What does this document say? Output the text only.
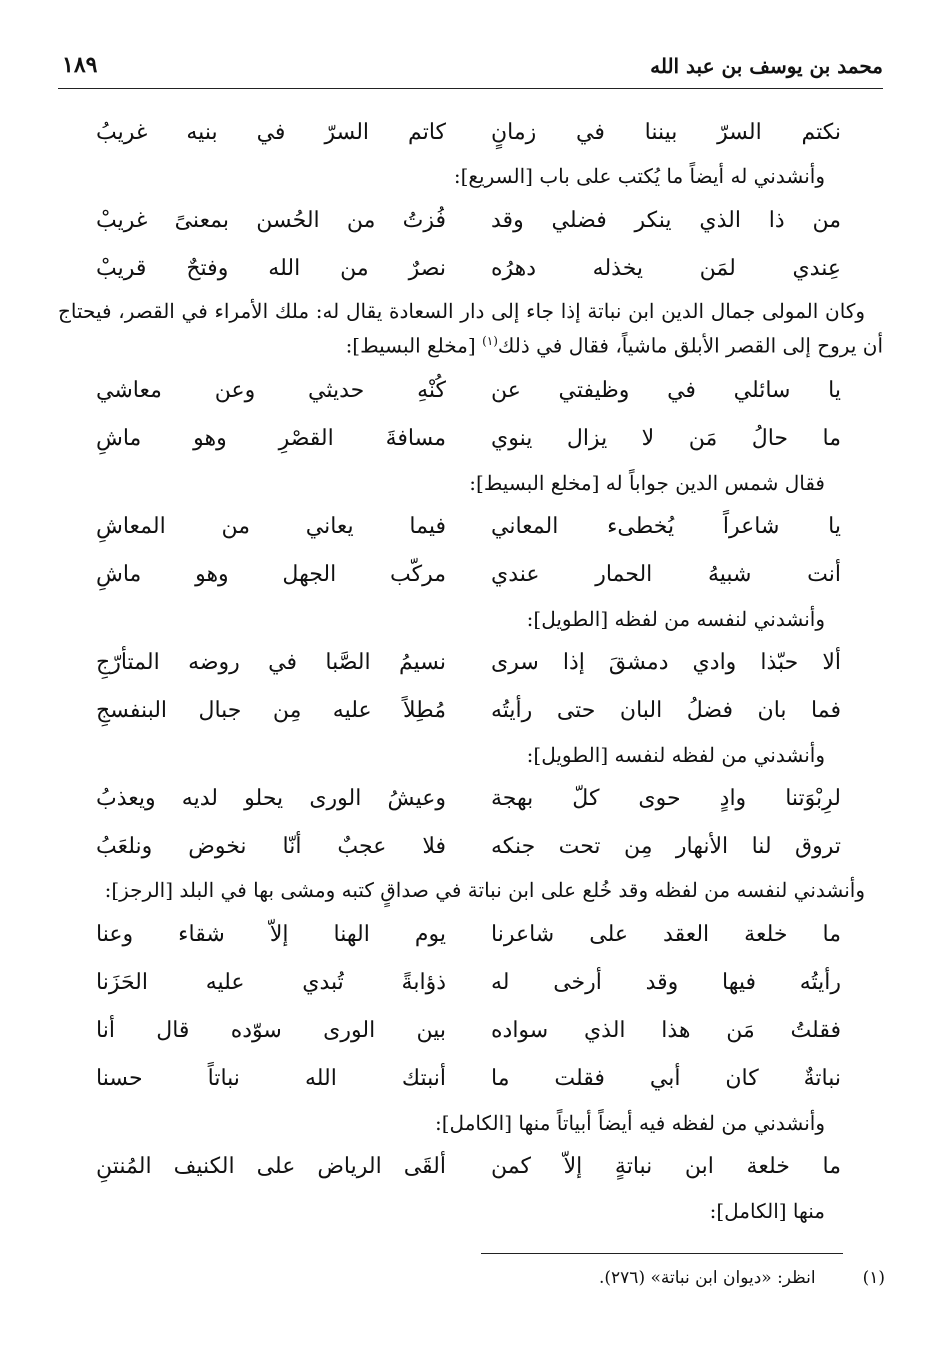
محمد بن يوسف بن عبد الله
١٨٩
نكتم السرّ بيننا في زمانٍ
كاتم السرّ في بنيه غريبُ
وأنشدني له أيضاً ما يُكتب على باب [السريع]:
من ذا الذي ينكر فضلي وقد
فُزتُ من الحُسن بمعنىً غريبْ
عِندي لمَن يخذله دهرُه
نصرٌ من الله وفتحٌ قريبْ
وكان المولى جمال الدين ابن نباتة إذا جاء إلى دار السعادة يقال له: ملك الأمراء في القصر، فيحتاج أن يروح إلى القصر الأبلق ماشياً، فقال في ذلك$^{(١)}$ [مخلع البسيط]:
يا سائلي في وظيفتي عن
كُنْهِ حديثي وعن معاشي
ما حالُ مَن لا يزال ينوي
مسافةَ القصْرِ وهو ماشِ
فقال شمس الدين جواباً له [مخلع البسيط]:
يا شاعراً يُخطىء المعاني
فيما يعاني من المعاشِ
أنت شبيهُ الحمار عندي
مركّب الجهل وهو ماشِ
وأنشدني لنفسه من لفظه [الطويل]:
ألا حبّذا وادي دمشقَ إذا سرى
نسيمُ الصَّبا في روضه المتأرّجِ
فما بان فضلُ البان حتى رأيتُه
مُطِلاً عليه مِن جبال البنفسجِ
وأنشدني من لفظه لنفسه [الطويل]:
لرِبْوَتنا وادٍ حوى كلّ بهجة
وعيشُ الورى يحلو لديه ويعذبُ
تروق لنا الأنهار مِن تحت جنكه
فلا عجبٌ أنّا نخوض ونلعَبُ
وأنشدني لنفسه من لفظه وقد خُلع على ابن نباتة في صداقٍ كتبه ومشى بها في البلد [الرجز]:
ما خلعة العقد على شاعرنا
يوم الهنا إلاّ شقاء وعنا
رأيتُه فيها وقد أرخى له
ذؤابةً تُبدي عليه الحَزَنا
فقلتُ مَن هذا الذي سواده
بين الورى سوّده قال أنا
نباتةٌ كان أبي فقلت ما
أنبتك الله نباتاً حسنا
وأنشدني من لفظه فيه أيضاً أبياتاً منها [الكامل]:
ما خلعة ابن نباتةٍ إلاّ كمن
ألقَى الرياض على الكنيف المُنتنِ
منها [الكامل]:
(١) انظر: «ديوان ابن نباتة» (٢٧٦).
